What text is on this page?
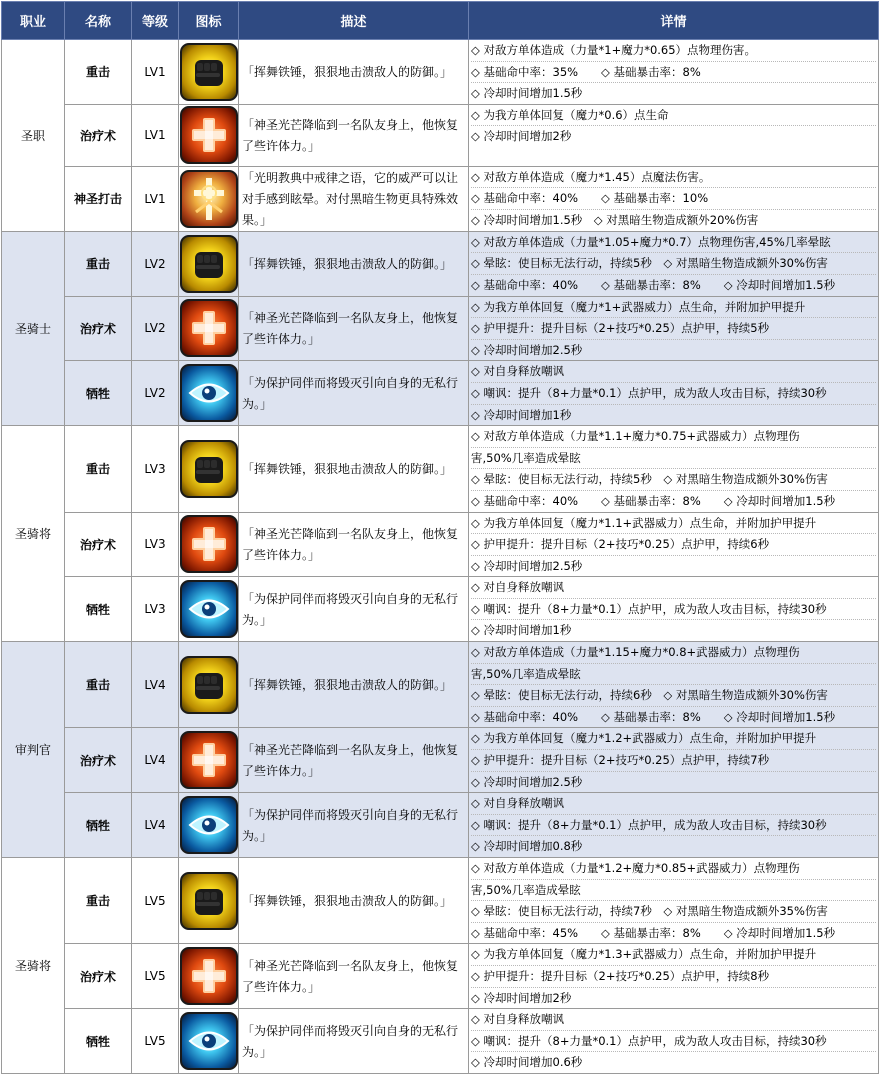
职业	名称	等级	图标	描述	详情
圣职	重击	LV1		「挥舞铁锤，狠狠地击溃敌人的防御。」	◇ 对敌方单体造成（力量*1+魔力*0.65）点物理伤害。
◇ 基础命中率：35%　　◇ 基础暴击率：8%
◇ 冷却时间增加1.5秒

	治疗术	LV1		「神圣光芒降临到一名队友身上，他恢复了些许体力。」	◇ 为我方单体回复（魔力*0.6）点生命
◇ 冷却时间增加2秒

	神圣打击	LV1		「光明教典中戒律之语，它的威严可以让对手感到眩晕。对付黑暗生物更具特殊效果。」	◇ 对敌方单体造成（魔力*1.45）点魔法伤害。
◇ 基础命中率：40%　　◇ 基础暴击率：10%
◇ 冷却时间增加1.5秒　◇ 对黑暗生物造成额外20%伤害

圣骑士	重击	LV2		「挥舞铁锤，狠狠地击溃敌人的防御。」	◇ 对敌方单体造成（力量*1.05+魔力*0.7）点物理伤害,45%几率晕眩
◇ 晕眩：使目标无法行动，持续5秒　◇ 对黑暗生物造成额外30%伤害
◇ 基础命中率：40%　　◇ 基础暴击率：8%　　◇ 冷却时间增加1.5秒

	治疗术	LV2		「神圣光芒降临到一名队友身上，他恢复了些许体力。」	◇ 为我方单体回复（魔力*1+武器威力）点生命，并附加护甲提升
◇ 护甲提升：提升目标（2+技巧*0.25）点护甲，持续5秒
◇ 冷却时间增加2.5秒

	牺牲	LV2		「为保护同伴而将毁灭引向自身的无私行为。」	◇ 对自身释放嘲讽
◇ 嘲讽：提升（8+力量*0.1）点护甲，成为敌人攻击目标，持续30秒
◇ 冷却时间增加1秒

圣骑将	重击	LV3		「挥舞铁锤，狠狠地击溃敌人的防御。」	◇ 对敌方单体造成（力量*1.1+魔力*0.75+武器威力）点物理伤
害,50%几率造成晕眩
◇ 晕眩：使目标无法行动，持续5秒　◇ 对黑暗生物造成额外30%伤害
◇ 基础命中率：40%　　◇ 基础暴击率：8%　　◇ 冷却时间增加1.5秒

	治疗术	LV3		「神圣光芒降临到一名队友身上，他恢复了些许体力。」	◇ 为我方单体回复（魔力*1.1+武器威力）点生命，并附加护甲提升
◇ 护甲提升：提升目标（2+技巧*0.25）点护甲，持续6秒
◇ 冷却时间增加2.5秒

	牺牲	LV3		「为保护同伴而将毁灭引向自身的无私行为。」	◇ 对自身释放嘲讽
◇ 嘲讽：提升（8+力量*0.1）点护甲，成为敌人攻击目标，持续30秒
◇ 冷却时间增加1秒

审判官	重击	LV4		「挥舞铁锤，狠狠地击溃敌人的防御。」	◇ 对敌方单体造成（力量*1.15+魔力*0.8+武器威力）点物理伤
害,50%几率造成晕眩
◇ 晕眩：使目标无法行动，持续6秒　◇ 对黑暗生物造成额外30%伤害
◇ 基础命中率：40%　　◇ 基础暴击率：8%　　◇ 冷却时间增加1.5秒

	治疗术	LV4		「神圣光芒降临到一名队友身上，他恢复了些许体力。」	◇ 为我方单体回复（魔力*1.2+武器威力）点生命，并附加护甲提升
◇ 护甲提升：提升目标（2+技巧*0.25）点护甲，持续7秒
◇ 冷却时间增加2.5秒

	牺牲	LV4		「为保护同伴而将毁灭引向自身的无私行为。」	◇ 对自身释放嘲讽
◇ 嘲讽：提升（8+力量*0.1）点护甲，成为敌人攻击目标，持续30秒
◇ 冷却时间增加0.8秒

圣骑将	重击	LV5		「挥舞铁锤，狠狠地击溃敌人的防御。」	◇ 对敌方单体造成（力量*1.2+魔力*0.85+武器威力）点物理伤
害,50%几率造成晕眩
◇ 晕眩：使目标无法行动，持续7秒　◇ 对黑暗生物造成额外35%伤害
◇ 基础命中率：45%　　◇ 基础暴击率：8%　　◇ 冷却时间增加1.5秒

	治疗术	LV5		「神圣光芒降临到一名队友身上，他恢复了些许体力。」	◇ 为我方单体回复（魔力*1.3+武器威力）点生命，并附加护甲提升
◇ 护甲提升：提升目标（2+技巧*0.25）点护甲，持续8秒
◇ 冷却时间增加2秒

	牺牲	LV5		「为保护同伴而将毁灭引向自身的无私行为。」	◇ 对自身释放嘲讽
◇ 嘲讽：提升（8+力量*0.1）点护甲，成为敌人攻击目标，持续30秒
◇ 冷却时间增加0.6秒
